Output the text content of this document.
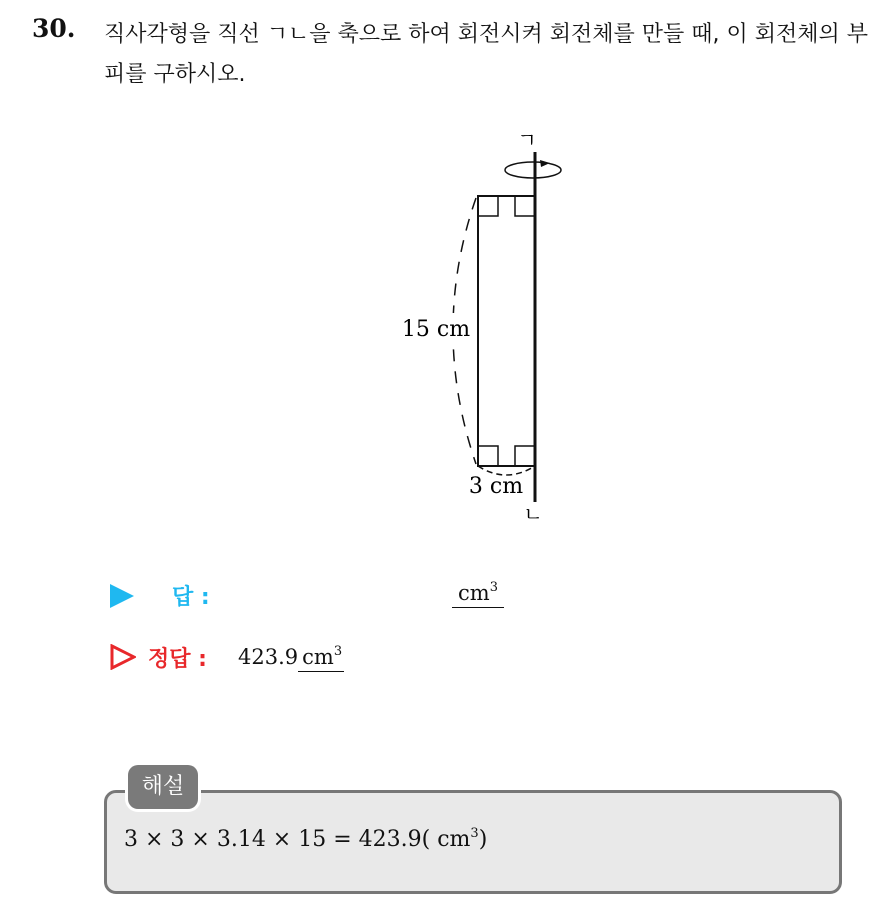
30. 직사각형을 직선 ㄱㄴ을 축으로 하여 회전시켜 회전체를 만들 때, 이 회전체의 부피를 구하시오.
ㄱ
15 cm
3 cm
ㄴ
답 :	$cm^3$
정답 : 423.9 $cm^3$
해설
3 × 3 × 3.14 × 15 = 423.9( $cm^3$)
